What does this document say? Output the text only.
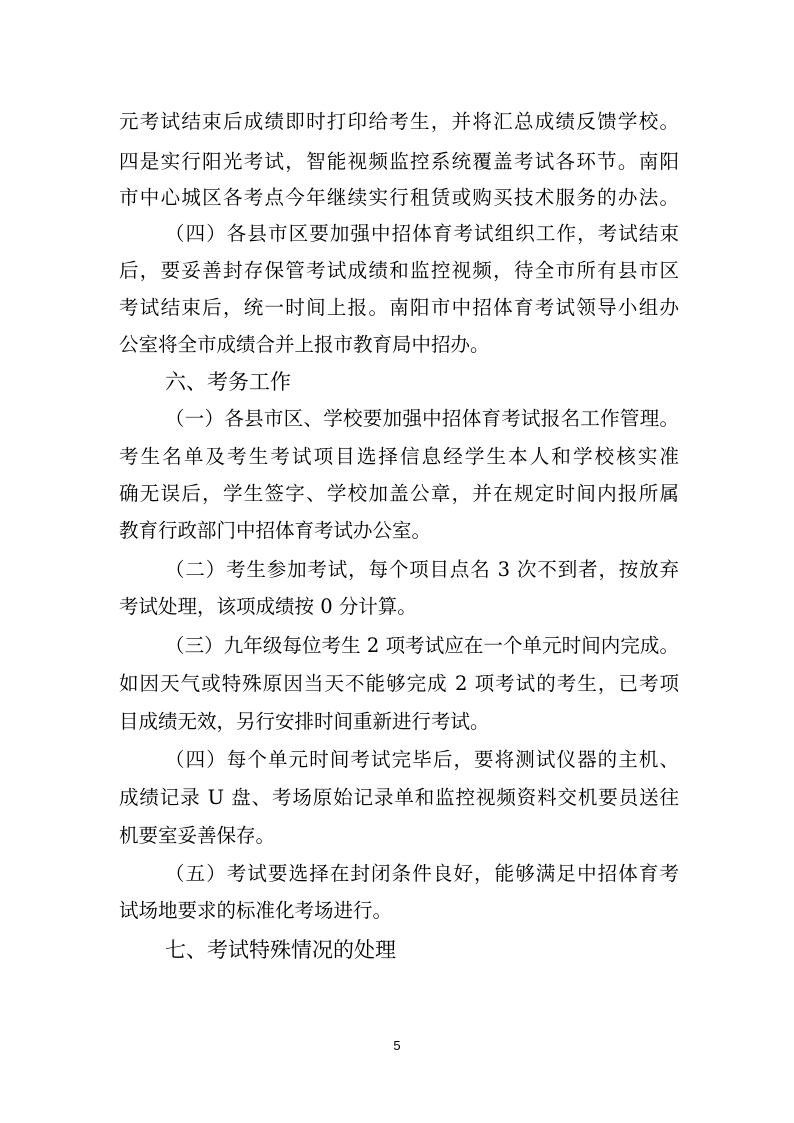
元考试结束后成绩即时打印给考生，并将汇总成绩反馈学校。
四是实行阳光考试，智能视频监控系统覆盖考试各环节。南阳
市中心城区各考点今年继续实行租赁或购买技术服务的办法。
（四）各县市区要加强中招体育考试组织工作，考试结束
后，要妥善封存保管考试成绩和监控视频，待全市所有县市区
考试结束后，统一时间上报。南阳市中招体育考试领导小组办
公室将全市成绩合并上报市教育局中招办。
六、考务工作
（一）各县市区、学校要加强中招体育考试报名工作管理。
考生名单及考生考试项目选择信息经学生本人和学校核实准
确无误后，学生签字、学校加盖公章，并在规定时间内报所属
教育行政部门中招体育考试办公室。
（二）考生参加考试，每个项目点名 3 次不到者，按放弃
考试处理，该项成绩按 0 分计算。
（三）九年级每位考生 2 项考试应在一个单元时间内完成。
如因天气或特殊原因当天不能够完成 2 项考试的考生，已考项
目成绩无效，另行安排时间重新进行考试。
（四）每个单元时间考试完毕后，要将测试仪器的主机、
成绩记录 U 盘、考场原始记录单和监控视频资料交机要员送往
机要室妥善保存。
（五）考试要选择在封闭条件良好，能够满足中招体育考
试场地要求的标准化考场进行。
七、考试特殊情况的处理
5
